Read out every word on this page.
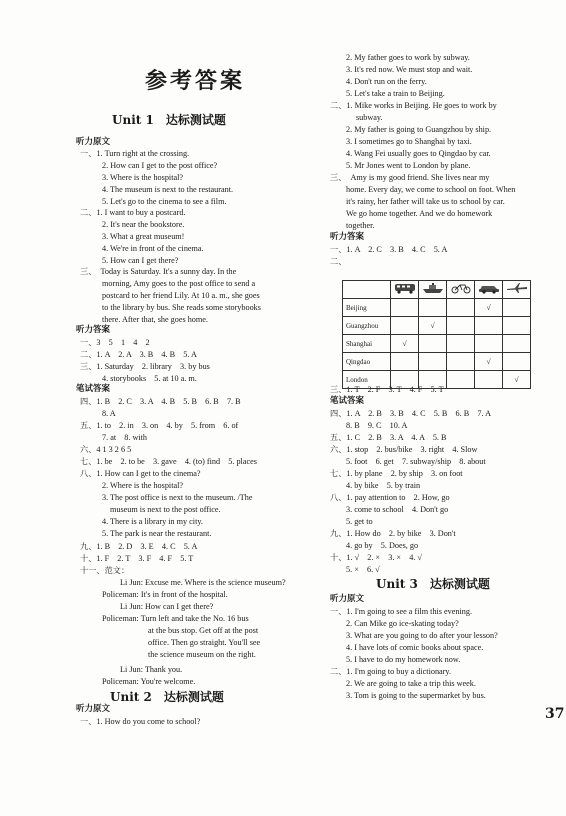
参考答案
Unit 1　达标测试题
听力原文
一、1. Turn right at the crossing.
2. How can I get to the post office?
3. Where is the hospital?
4. The museum is next to the restaurant.
5. Let's go to the cinema to see a film.
二、1. I want to buy a postcard.
2. It's near the bookstore.
3. What a great museum!
4. We're in front of the cinema.
5. How can I get there?
三、　Today is Saturday. It's a sunny day. In the
morning, Amy goes to the post office to send a
postcard to her friend Lily. At 10 a. m., she goes
to the library by bus. She reads some storybooks
there. After that, she goes home.
听力答案
一、3　5　1　4　2
二、1. A　2. A　3. B　4. B　5. A
三、1. Saturday　2. library　3. by bus
4. storybooks　5. at 10 a. m.
笔试答案
四、1. B　2. C　3. A　4. B　5. B　6. B　7. B
8. A
五、1. to　2. in　3. on　4. by　5. from　6. of
7. at　8. with
六、4 1 3 2 6 5
七、1. be　2. to be　3. gave　4. (to) find　5. places
八、1. How can I get to the cinema?
2. Where is the hospital?
3. The post office is next to the museum. /The
museum is next to the post office.
4. There is a library in my city.
5. The park is near the restaurant.
九、1. B　2. D　3. E　4. C　5. A
十、1. F　2. T　3. F　4. F　5. T
十一、范文：
Li Jun: Excuse me. Where is the science museum?
Policeman: It's in front of the hospital.
Li Jun: How can I get there?
Policeman: Turn left and take the No. 16 bus
at the bus stop. Get off at the post
office. Then go straight. You'll see
the science museum on the right.
Li Jun: Thank you.
Policeman: You're welcome.
Unit 2　达标测试题
听力原文
一、1. How do you come to school?
2. My father goes to work by subway.
3. It's red now. We must stop and wait.
4. Don't run on the ferry.
5. Let's take a train to Beijing.
二、1. Mike works in Beijing. He goes to work by
subway.
2. My father is going to Guangzhou by ship.
3. I sometimes go to Shanghai by taxi.
4. Wang Fei usually goes to Qingdao by car.
5. Mr Jones went to London by plane.
三、　Amy is my good friend. She lives near my
home. Every day, we come to school on foot. When
it's rainy, her father will take us to school by car.
We go home together. And we do homework
together.
听力答案
一、1. A　2. C　3. B　4. C　5. A
二、
三、1. T　2. F　3. T　4. F　5. T
笔试答案
四、1. A　2. B　3. B　4. C　5. B　6. B　7. A
8. B　9. C　10. A
五、1. C　2. B　3. A　4. A　5. B
六、1. stop　2. bus/bike　3. right　4. Slow
5. foot　6. get　7. subway/ship　8. about
七、1. by plane　2. by ship　3. on foot
4. by bike　5. by train
八、1. pay attention to　2. How, go
3. come to school　4. Don't go
5. get to
九、1. How do　2. by bike　3. Don't
4. go by　5. Does, go
十、1. √　2. ×　3. ×　4. √
5. ×　6. √

Beijing				√	
Guangzhou		√			
Shanghai	√				
Qingdao				√	
London					√
Unit 3　达标测试题
听力原文
一、1. I'm going to see a film this evening.
2. Can Mike go ice-skating today?
3. What are you going to do after your lesson?
4. I have lots of comic books about space.
5. I have to do my homework now.
二、1. I'm going to buy a dictionary.
2. We are going to take a trip this week.
3. Tom is going to the supermarket by bus.
37
